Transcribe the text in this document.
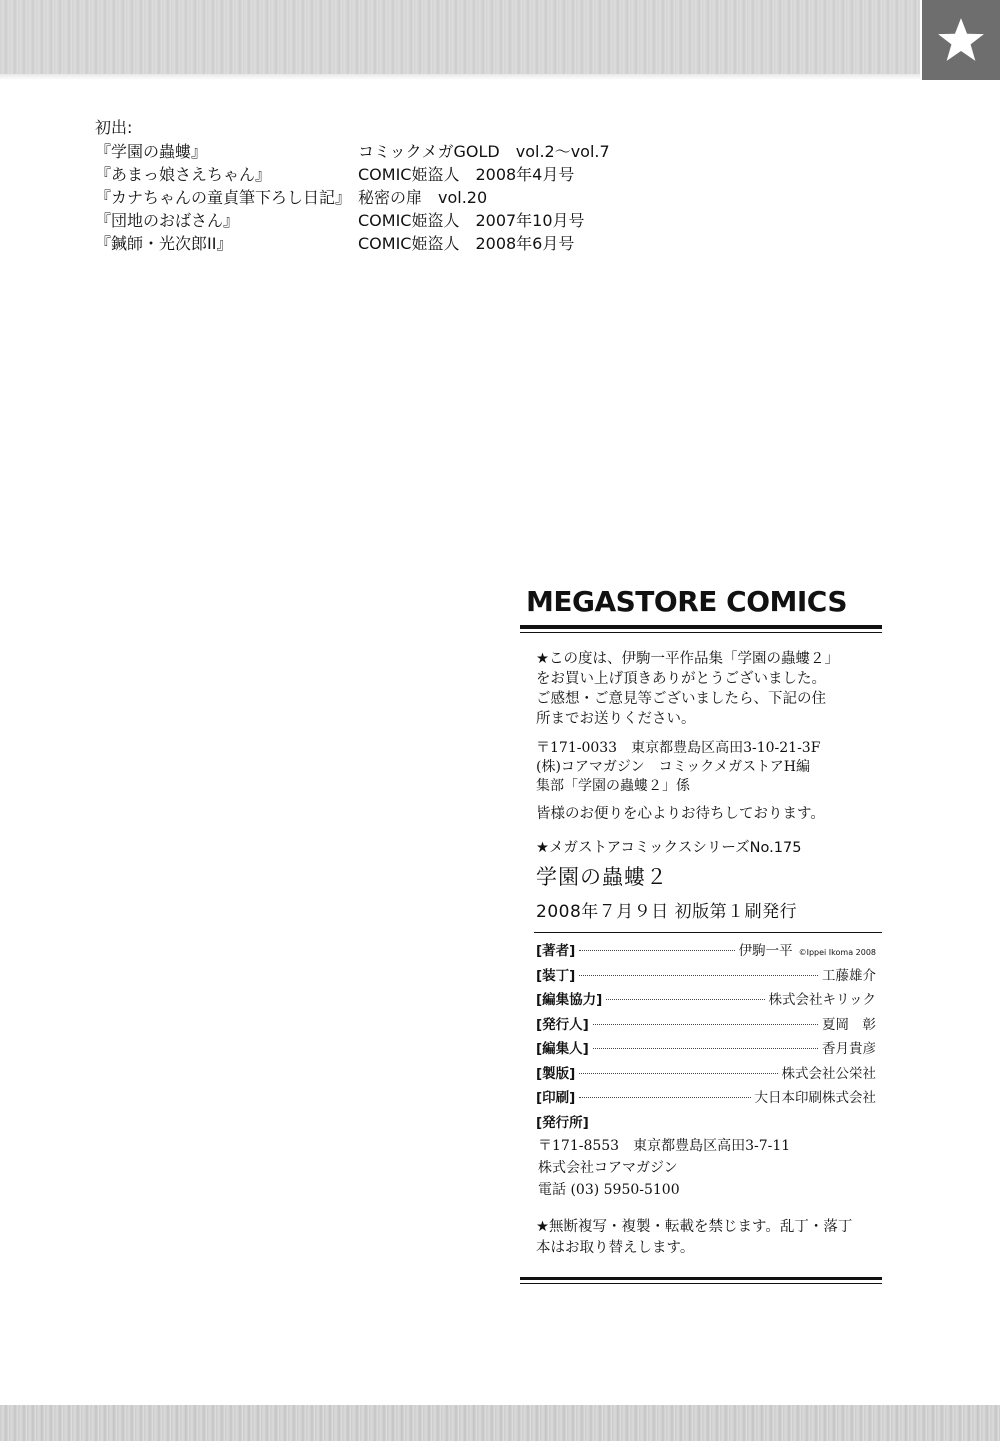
初出:
『学園の蟲螻』	コミックメガGOLD　vol.2～vol.7
『あまっ娘さえちゃん』	COMIC姫盗人　2008年4月号
『カナちゃんの童貞筆下ろし日記』 秘密の扉　vol.20
『団地のおばさん』	COMIC姫盗人　2007年10月号
『鍼師・光次郎II』	COMIC姫盗人　2008年6月号
MEGASTORE COMICS
★この度は、伊駒一平作品集「学園の蟲螻２」
をお買い上げ頂きありがとうございました。
ご感想・ご意見等ございましたら、下記の住
所までお送りください。
〒171-0033　東京都豊島区高田3-10-21-3F
(株)コアマガジン　コミックメガストアH編
集部「学園の蟲螻２」係
皆様のお便りを心よりお待ちしております。
★メガストアコミックスシリーズNo.175
学園の蟲螻２
2008年７月９日 初版第１刷発行
[著者]	伊駒一平 ©Ippei Ikoma 2008
[装丁]	工藤雄介
[編集協力]	株式会社キリック
[発行人]	夏岡　彰
[編集人]	香月貴彦
[製版]	株式会社公栄社
[印刷]	大日本印刷株式会社
[発行所]
〒171-8553　東京都豊島区高田3-7-11
株式会社コアマガジン
電話 (03) 5950-5100
★無断複写・複製・転載を禁じます。乱丁・落丁
本はお取り替えします。
